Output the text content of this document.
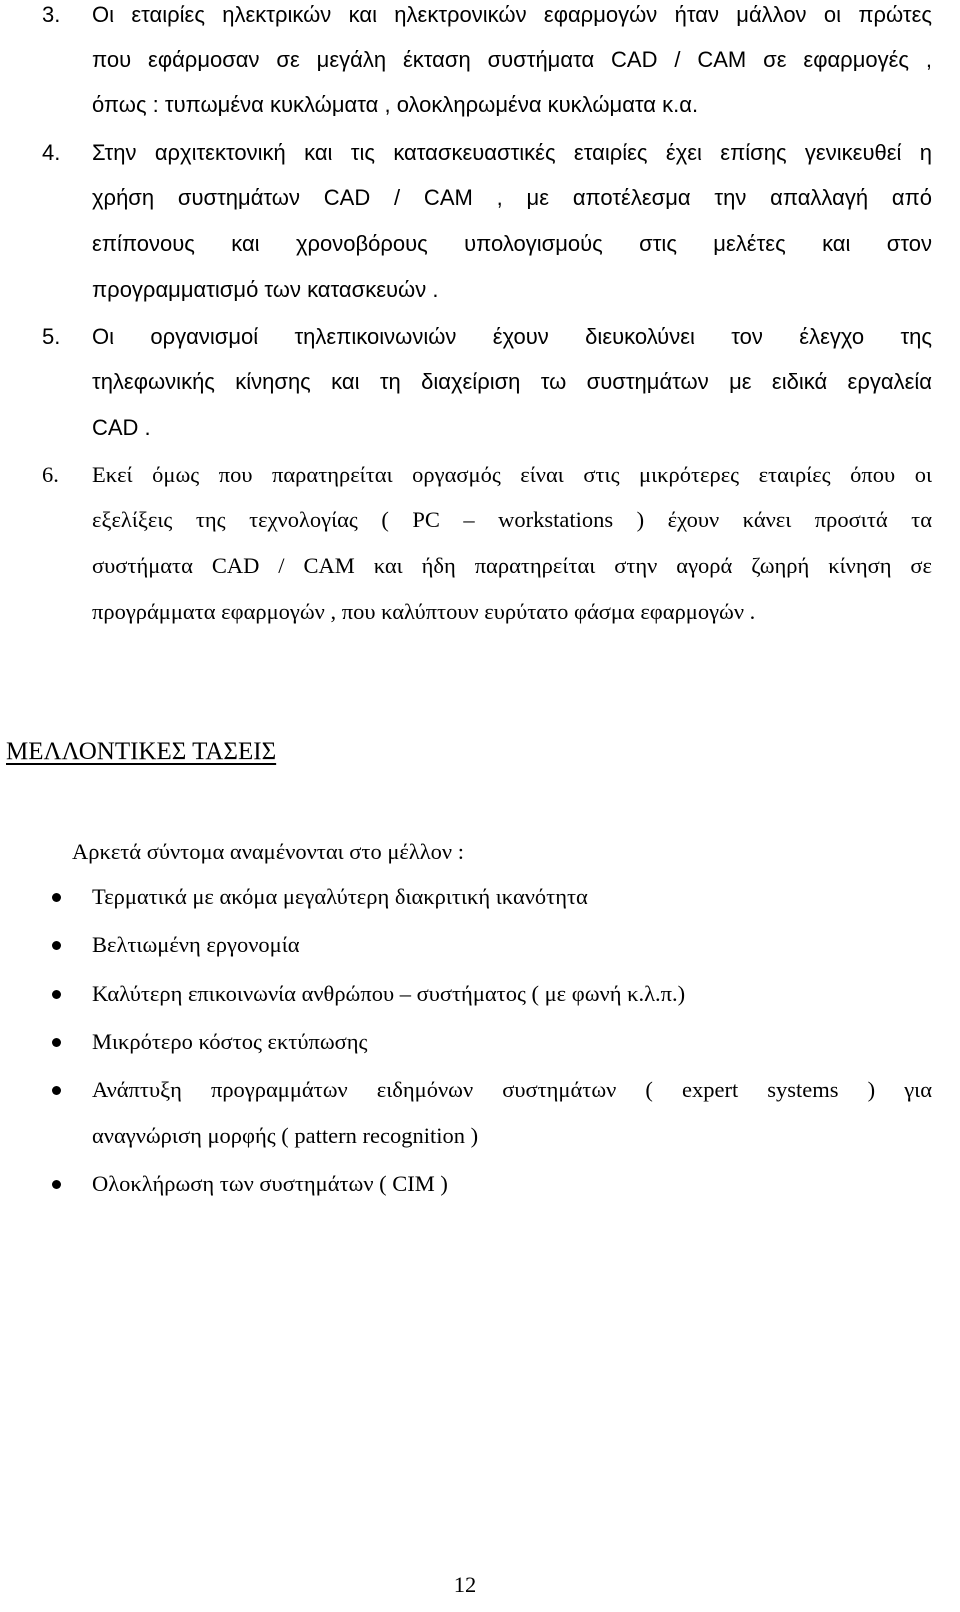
3. Οι εταιρίες ηλεκτρικών και ηλεκτρονικών εφαρμογών ήταν μάλλον οι πρώτες
που εφάρμοσαν σε μεγάλη έκταση συστήματα CAD / CAM σε εφαρμογές ,
όπως : τυπωμένα κυκλώματα , ολοκληρωμένα κυκλώματα κ.α.
4. Στην αρχιτεκτονική και τις κατασκευαστικές εταιρίες έχει επίσης γενικευθεί η
χρήση συστημάτων CAD / CAM , με αποτέλεσμα την απαλλαγή από
επίπονους και χρονοβόρους υπολογισμούς στις μελέτες και στον
προγραμματισμό των κατασκευών .
5. Οι οργανισμοί τηλεπικοινωνιών έχουν διευκολύνει τον έλεγχο της
τηλεφωνικής κίνησης και τη διαχείριση τω συστημάτων με ειδικά εργαλεία
CAD .
6. Εκεί όμως που παρατηρείται οργασμός είναι στις μικρότερες εταιρίες όπου οι
εξελίξεις της τεχνολογίας ( PC – workstations ) έχουν κάνει προσιτά τα
συστήματα CAD / CAM και ήδη παρατηρείται στην αγορά ζωηρή κίνηση σε
προγράμματα εφαρμογών , που καλύπτουν ευρύτατο φάσμα εφαρμογών .
ΜΕΛΛΟΝΤΙΚΕΣ ΤΑΣΕΙΣ
Αρκετά σύντομα αναμένονται στο μέλλον :
Τερματικά με ακόμα μεγαλύτερη διακριτική ικανότητα
Βελτιωμένη εργονομία
Καλύτερη επικοινωνία ανθρώπου – συστήματος ( με φωνή κ.λ.π.)
Μικρότερο κόστος εκτύπωσης
Ανάπτυξη προγραμμάτων ειδημόνων συστημάτων ( expert systems ) για
αναγνώριση μορφής ( pattern recognition )
Ολοκλήρωση των συστημάτων ( CIM )
12
